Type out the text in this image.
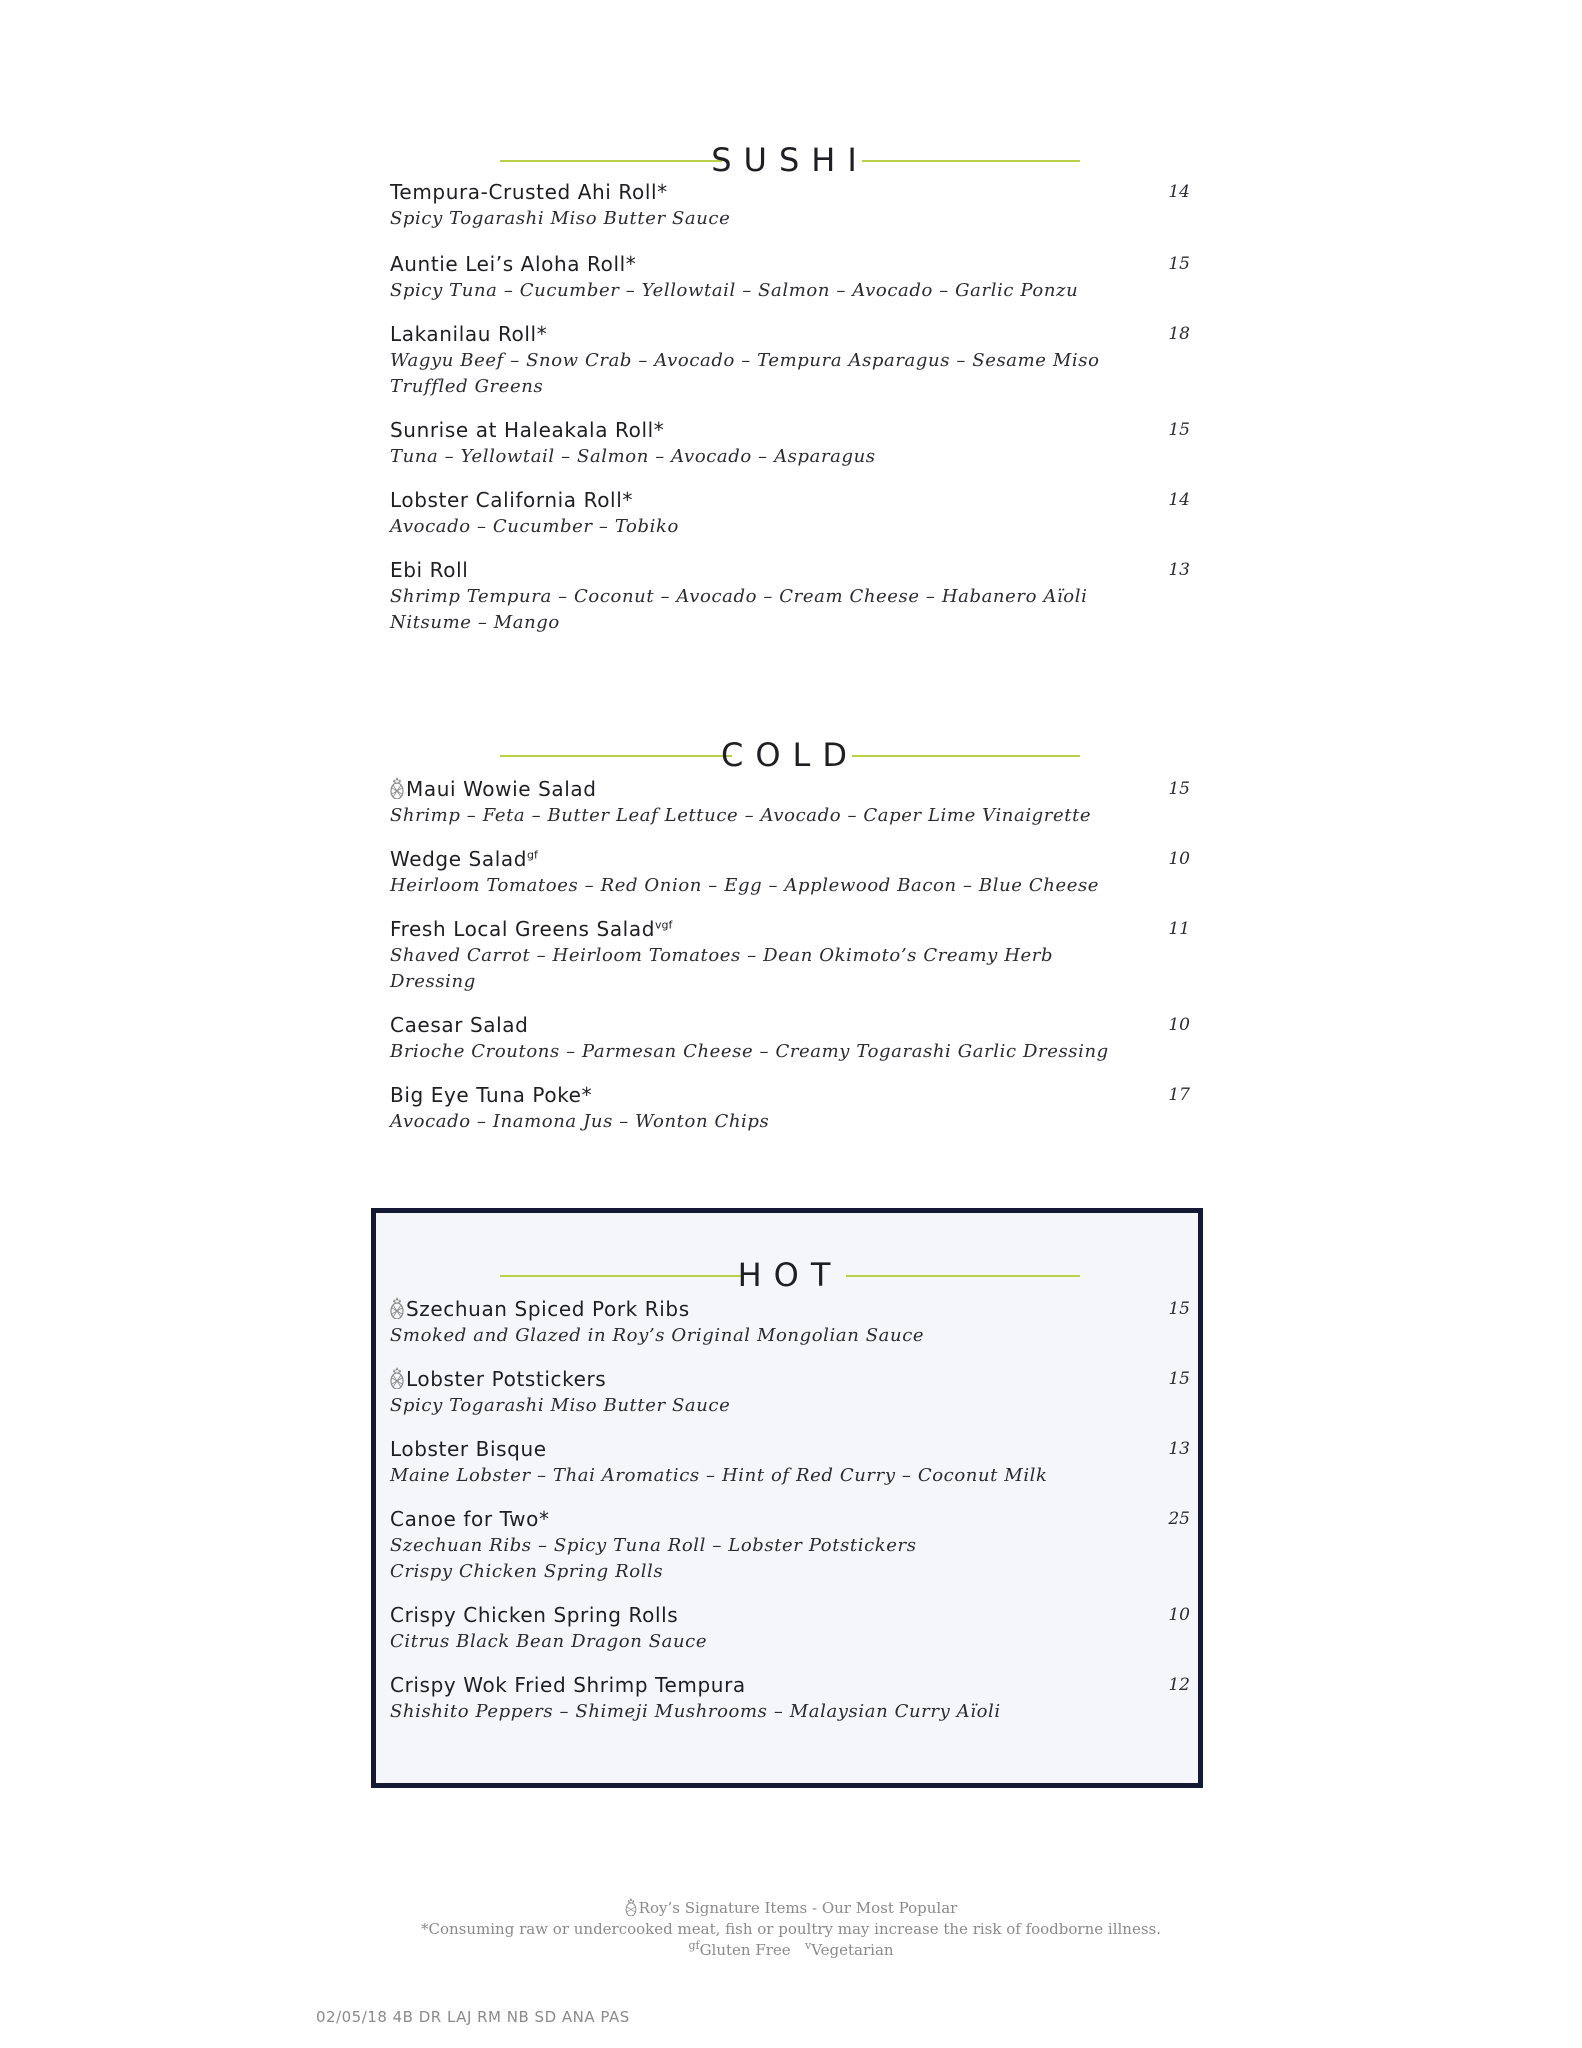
SUSHI
Tempura-Crusted Ahi Roll*
Spicy Togarashi Miso Butter Sauce
14
Auntie Lei’s Aloha Roll*
Spicy Tuna – Cucumber – Yellowtail – Salmon – Avocado – Garlic Ponzu
15
Lakanilau Roll*
Wagyu Beef – Snow Crab – Avocado – Tempura Asparagus – Sesame Miso
Truffled Greens
18
Sunrise at Haleakala Roll*
Tuna – Yellowtail – Salmon – Avocado – Asparagus
15
Lobster California Roll*
Avocado – Cucumber – Tobiko
14
Ebi Roll
Shrimp Tempura – Coconut – Avocado – Cream Cheese – Habanero Aïoli
Nitsume – Mango
13
COLD
Maui Wowie Salad
Shrimp – Feta – Butter Leaf Lettuce – Avocado – Caper Lime Vinaigrette
15
Wedge Salad$^{gf}$
Heirloom Tomatoes – Red Onion – Egg – Applewood Bacon – Blue Cheese
10
Fresh Local Greens Salad$^{vgf}$
Shaved Carrot – Heirloom Tomatoes – Dean Okimoto’s Creamy Herb Dressing
11
Caesar Salad
Brioche Croutons – Parmesan Cheese – Creamy Togarashi Garlic Dressing
10
Big Eye Tuna Poke*
Avocado – Inamona Jus – Wonton Chips
17
HOT
Szechuan Spiced Pork Ribs
Smoked and Glazed in Roy’s Original Mongolian Sauce
15
Lobster Potstickers
Spicy Togarashi Miso Butter Sauce
15
Lobster Bisque
Maine Lobster – Thai Aromatics – Hint of Red Curry – Coconut Milk
13
Canoe for Two*
Szechuan Ribs – Spicy Tuna Roll – Lobster Potstickers
Crispy Chicken Spring Rolls
25
Crispy Chicken Spring Rolls
Citrus Black Bean Dragon Sauce
10
Crispy Wok Fried Shrimp Tempura
Shishito Peppers – Shimeji Mushrooms – Malaysian Curry Aïoli
12
Roy’s Signature Items - Our Most Popular
*Consuming raw or undercooked meat, fish or poultry may increase the risk of foodborne illness.
$^{gf}$Gluten Free $^v$Vegetarian
02/05/18 4B DR LAJ RM NB SD ANA PAS
